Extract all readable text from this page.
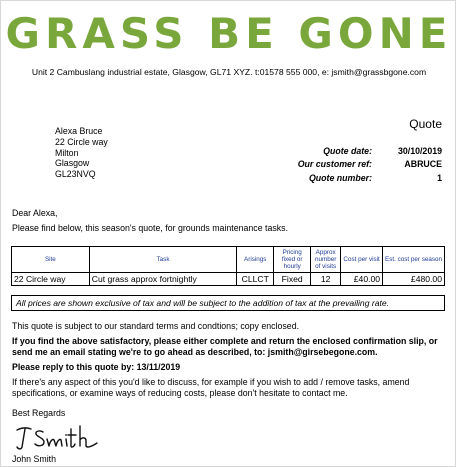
GRASS BE GONE
Unit 2 Cambuslang industrial estate, Glasgow, GL71 XYZ. t:01578 555 000, e: jsmith@grassbgone.com
Quote
Alexa Bruce
22 Circle way
Milton
Glasgow
GL23NVQ
Quote date:	30/10/2019
Our customer ref:	ABRUCE
Quote number:	1
Dear Alexa,
Please find below, this season's quote, for grounds maintenance tasks.
Site	Task	Arisings	Pricing fixed or hourly	Approx number of visits	Cost per visit	Est. cost per season
22 Circle way	Cut grass approx fortnightly	CLLCT	Fixed	12	£40.00	£480.00
All prices are shown exclusive of tax and will be subject to the addition of tax at the prevailing rate.
This quote is subject to our standard terms and condtions; copy enclosed.
If you find the above satisfactory, please either complete and return the enclosed confirmation slip, or send me an email stating we're to go ahead as described, to: jsmith@girsebegone.com.
Please reply to this quote by: 13/11/2019
If there's any aspect of this you'd like to discuss, for example if you wish to add / remove tasks, amend specifications, or examine ways of reducing costs, please don't hesitate to contact me.
Best Regards
John Smith
